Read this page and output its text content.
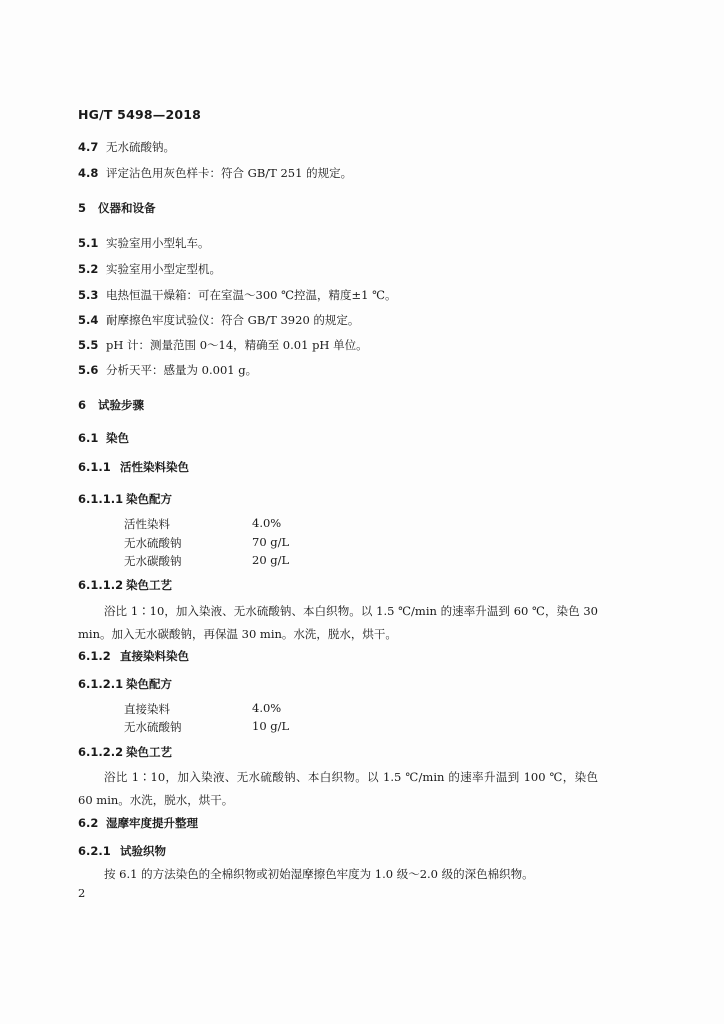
HG/T 5498—2018
4.7 无水硫酸钠。
4.8 评定沾色用灰色样卡：符合 GB/T 251 的规定。
5 仪器和设备
5.1 实验室用小型轧车。
5.2 实验室用小型定型机。
5.3 电热恒温干燥箱：可在室温～300 ℃控温，精度±1 ℃。
5.4 耐摩擦色牢度试验仪：符合 GB/T 3920 的规定。
5.5 pH 计：测量范围 0～14，精确至 0.01 pH 单位。
5.6 分析天平：感量为 0.001 g。
6 试验步骤
6.1 染色
6.1.1 活性染料染色
6.1.1.1 染色配方
活性染料	4.0%
无水硫酸钠	70 g/L
无水碳酸钠	20 g/L
6.1.1.2 染色工艺

浴比 1∶10，加入染液、无水硫酸钠、本白织物。以 1.5 ℃/min 的速率升温到 60 ℃，染色 30 min。加入无水碳酸钠，再保温 30 min。水洗，脱水，烘干。

6.1.2 直接染料染色
6.1.2.1 染色配方
直接染料	4.0%
无水硫酸钠	10 g/L
6.1.2.2 染色工艺

浴比 1∶10，加入染液、无水硫酸钠、本白织物。以 1.5 ℃/min 的速率升温到 100 ℃，染色 60 min。水洗，脱水，烘干。

6.2 湿摩牢度提升整理
6.2.1 试验织物

按 6.1 的方法染色的全棉织物或初始湿摩擦色牢度为 1.0 级～2.0 级的深色棉织物。

2
